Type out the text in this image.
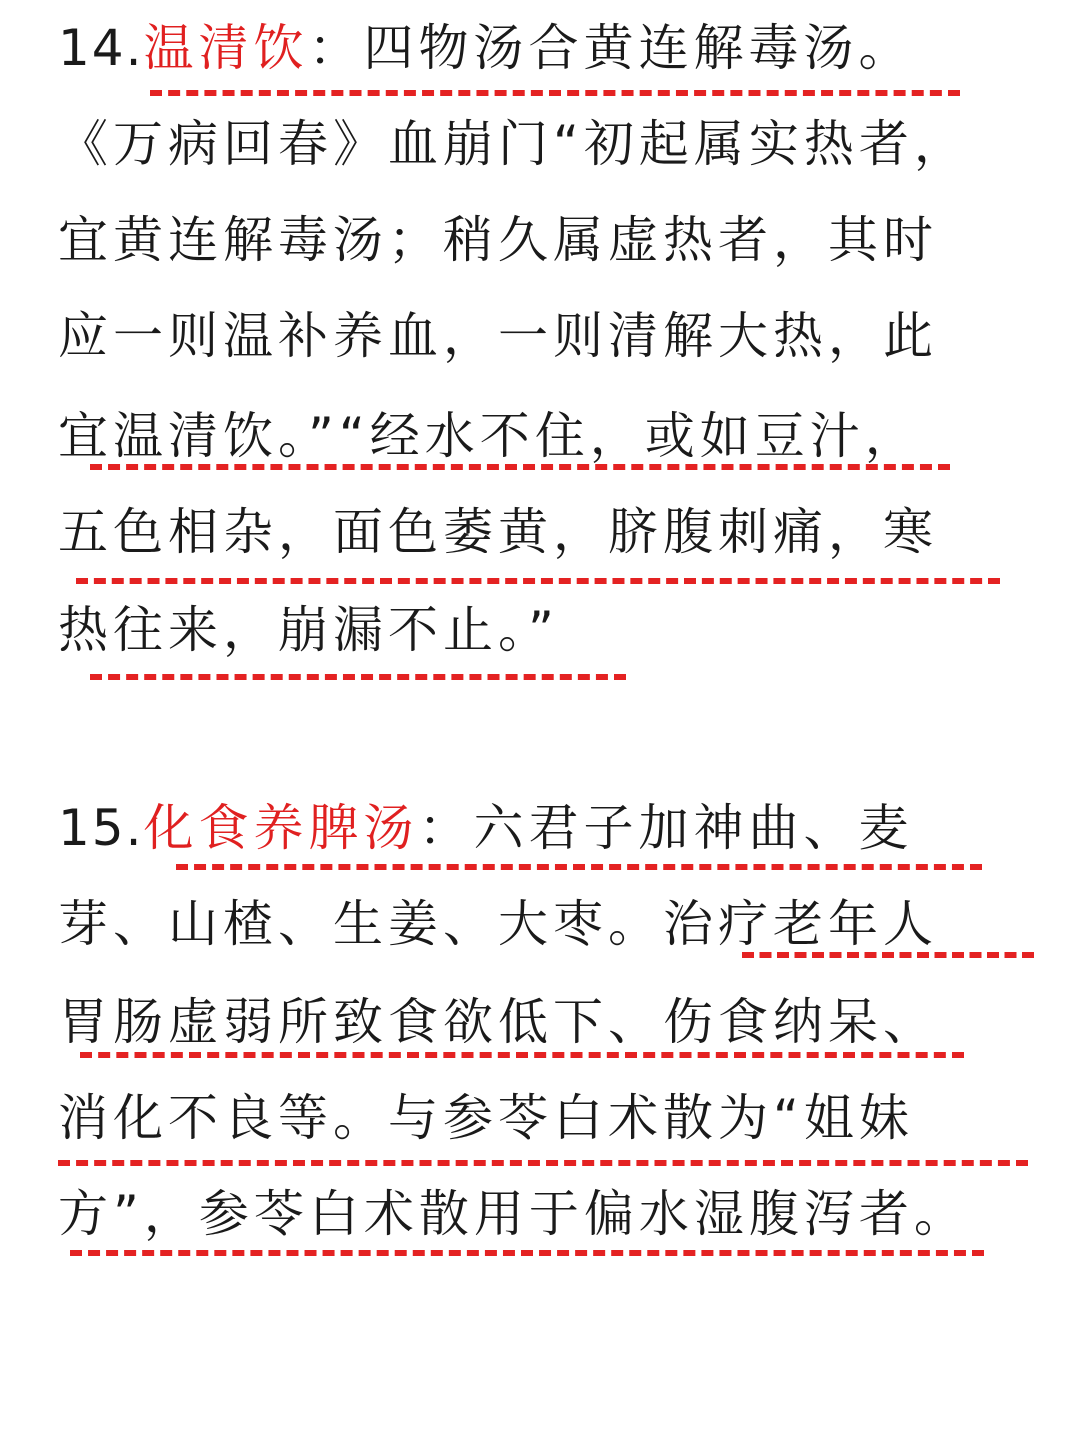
14.温清饮：四物汤合黄连解毒汤。
《万病回春》血崩门“初起属实热者，
宜黄连解毒汤；稍久属虚热者，其时
应一则温补养血，一则清解大热，此
宜温清饮。”“经水不住，或如豆汁，
五色相杂，面色萎黄，脐腹刺痛，寒
热往来，崩漏不止。”
15.化食养脾汤：六君子加神曲、麦
芽、山楂、生姜、大枣。治疗老年人
胃肠虚弱所致食欲低下、伤食纳呆、
消化不良等。与参苓白术散为“姐妹
方”，参苓白术散用于偏水湿腹泻者。
